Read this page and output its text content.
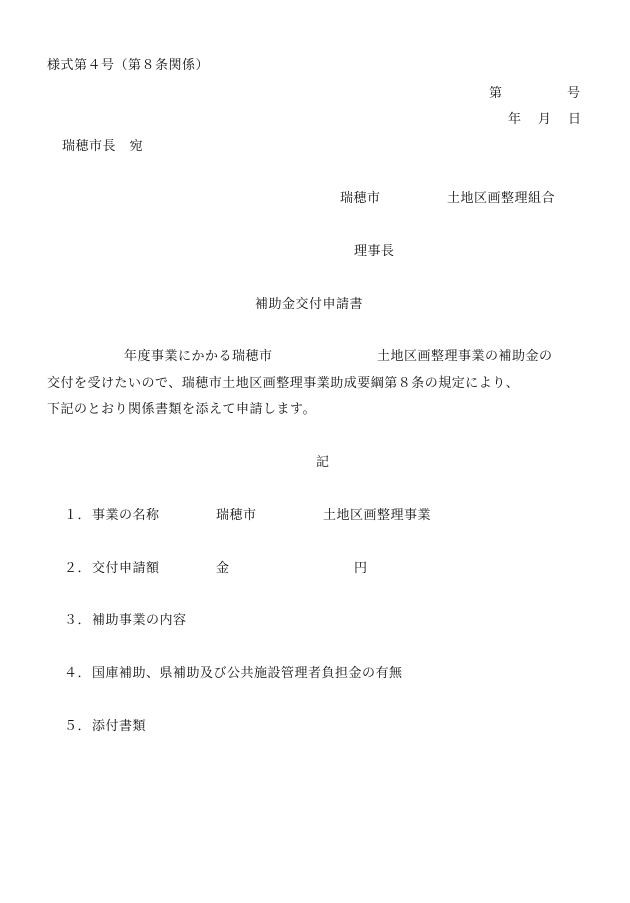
様式第４号（第８条関係）
第	号
年 月 日
瑞穂市長　宛
瑞穂市	土地区画整理組合
理事長
補助金交付申請書
年度事業にかかる瑞穂市	土地区画整理事業の補助金の
交付を受けたいので、瑞穂市土地区画整理事業助成要綱第８条の規定により、
下記のとおり関係書類を添えて申請します。
記
１． 事業の名称	瑞穂市	土地区画整理事業
２． 交付申請額	金	円
３． 補助事業の内容
４． 国庫補助、県補助及び公共施設管理者負担金の有無
５． 添付書類
